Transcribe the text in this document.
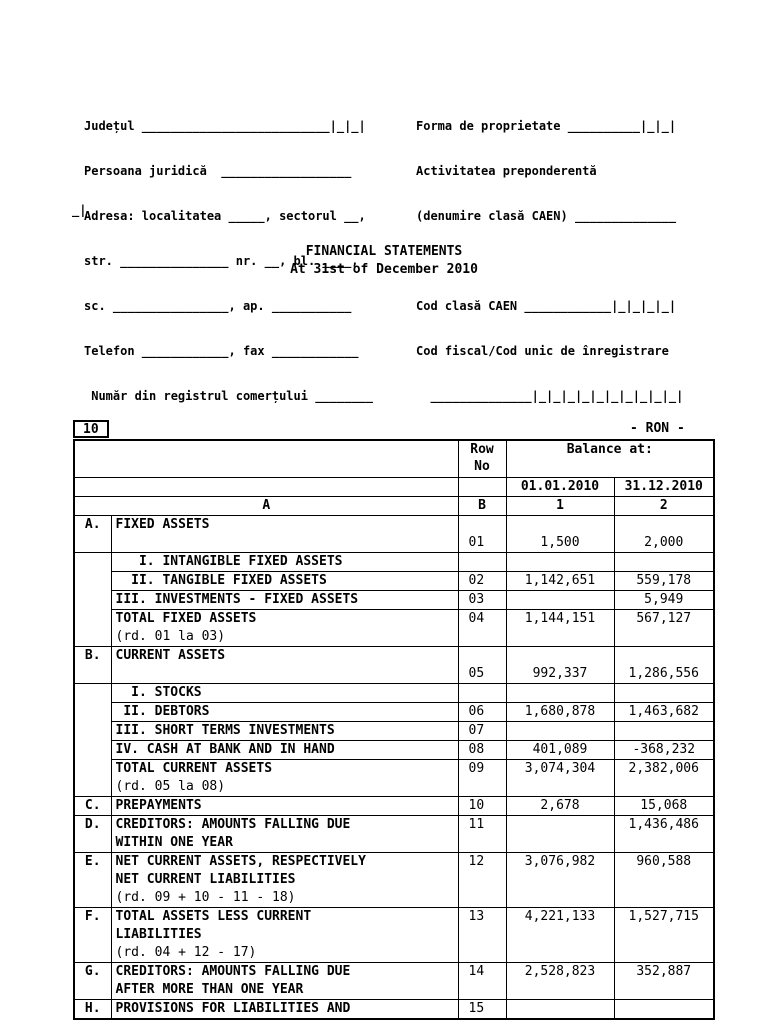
Județul __________________________|_|_|

Persoana juridică  __________________

Adresa: localitatea _____, sectorul __,

str. _______________ nr. __, bl. ____,

sc. ________________, ap. ___________

Telefon ____________, fax ____________

Număr din registrul comerțului ________

_|

Forma de proprietate __________|_|_|

Activitatea preponderentă

(denumire clasă CAEN) ______________

Cod clasă CAEN ____________|_|_|_|_|

Cod fiscal/Cod unic de înregistrare

______________|_|_|_|_|_|_|_|_|_|_|

FINANCIAL STATEMENTS
At 31st of December 2010
10	- RON -
		Row
No	Balance at:	
			01.01.2010	31.12.2010
A		B	1	2
A.	FIXED ASSETS	01	1,500	2,000

	I. INTANGIBLE FIXED ASSETS			

	II. TANGIBLE FIXED ASSETS	02	1,142,651	559,178

	III. INVESTMENTS - FIXED ASSETS	03		5,949

	TOTAL FIXED ASSETS
(rd. 01 la 03)	04	1,144,151	567,127
B.	CURRENT ASSETS	05	992,337	1,286,556

	I. STOCKS			

	II. DEBTORS	06	1,680,878	1,463,682

	III. SHORT TERMS INVESTMENTS	07		

	IV. CASH AT BANK AND IN HAND	08	401,089	-368,232

	TOTAL CURRENT ASSETS
(rd. 05 la 08)	09	3,074,304	2,382,006
C.	PREPAYMENTS	10	2,678	15,068
D.	CREDITORS: AMOUNTS FALLING DUE
WITHIN ONE YEAR	11		1,436,486
E.	NET CURRENT ASSETS, RESPECTIVELY
NET CURRENT LIABILITIES
(rd. 09 + 10 - 11 - 18)	12	3,076,982	960,588
F.	TOTAL ASSETS LESS CURRENT
LIABILITIES
(rd. 04 + 12 - 17)	13	4,221,133	1,527,715
G.	CREDITORS: AMOUNTS FALLING DUE
AFTER MORE THAN ONE YEAR	14	2,528,823	352,887
H.	PROVISIONS FOR LIABILITIES AND	15		
